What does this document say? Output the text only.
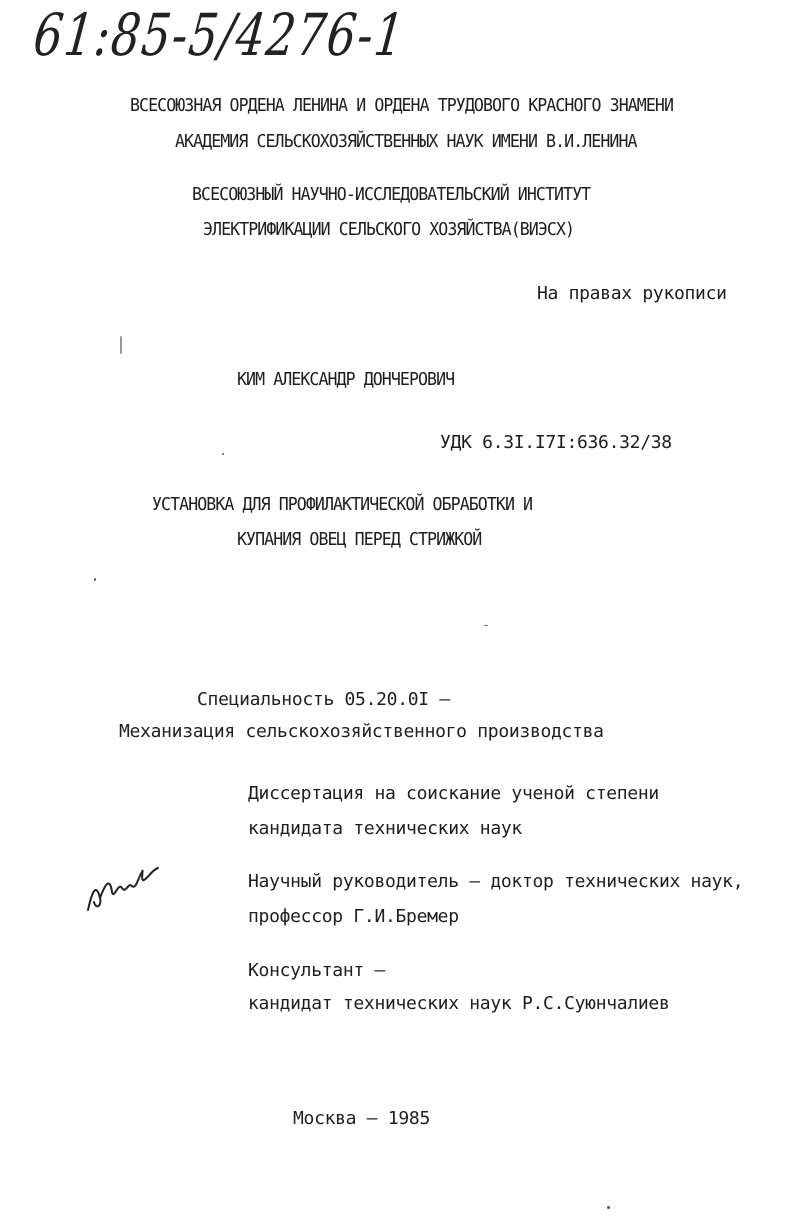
61:85-5/4276-1
ВСЕСОЮЗНАЯ ОРДЕНА ЛЕНИНА И ОРДЕНА ТРУДОВОГО КРАСНОГО ЗНАМЕНИ
АКАДЕМИЯ СЕЛЬСКОХОЗЯЙСТВЕННЫХ НАУК ИМЕНИ В.И.ЛЕНИНА
ВСЕСОЮЗНЫЙ НАУЧНО-ИССЛЕДОВАТЕЛЬСКИЙ ИНСТИТУТ
ЭЛЕКТРИФИКАЦИИ СЕЛЬСКОГО ХОЗЯЙСТВА(ВИЭСХ)
На правах рукописи
КИМ АЛЕКСАНДР ДОНЧЕРОВИЧ
УДК 6.3I.I7I:636.32/38
УСТАНОВКА ДЛЯ ПРОФИЛАКТИЧЕСКОЙ ОБРАБОТКИ И
КУПАНИЯ ОВЕЦ ПЕРЕД СТРИЖКОЙ
Специальность 05.20.0I –
Механизация сельскохозяйственного производства
Диссертация на соискание ученой степени
кандидата технических наук
Научный руководитель – доктор технических наук,
профессор Г.И.Бремер
Консультант –
кандидат технических наук Р.С.Суюнчалиев
Москва – 1985
